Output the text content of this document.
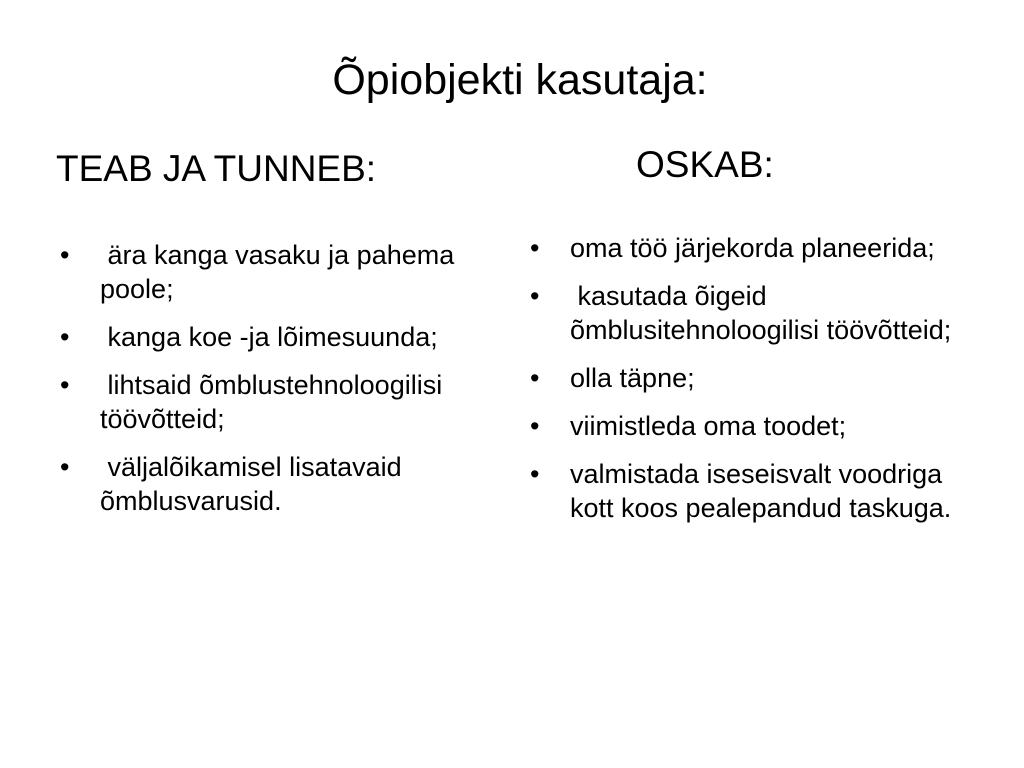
Õpiobjekti kasutaja:
TEAB JA TUNNEB:
•	ära kanga vasaku ja pahema poole;
•	kanga koe -ja lõimesuunda;
•	lihtsaid õmblustehnoloogilisi töövõtteid;
•	väljalõikamisel lisatavaid õmblusvarusid.
OSKAB:
•	oma töö järjekorda planeerida;
•	kasutada õigeid õmblusitehnoloogilisi töövõtteid;
•	olla täpne;
•	viimistleda oma toodet;
•	valmistada iseseisvalt voodriga kott koos pealepandud taskuga.
